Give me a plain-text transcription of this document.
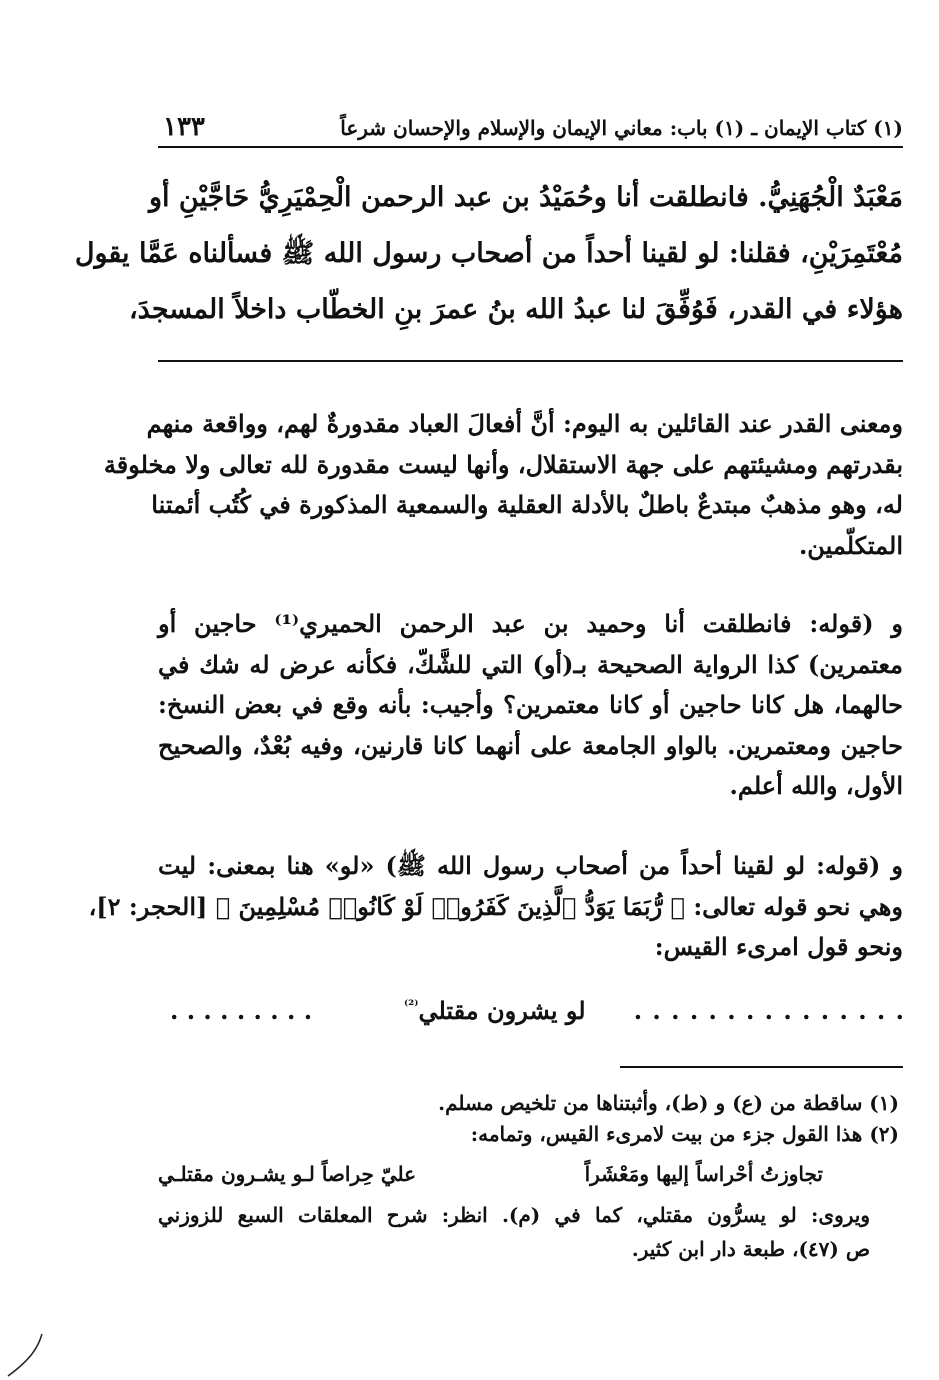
١٣٣	(١) كتاب الإيمان ـ (١) باب: معاني الإيمان والإسلام والإحسان شرعاً
مَعْبَدٌ الْجُهَنِيُّ. فانطلقت أنا وحُمَيْدُ بن عبد الرحمن الْحِمْيَرِيُّ حَاجَّيْنِ أو
مُعْتَمِرَيْنِ، فقلنا: لو لقينا أحداً من أصحاب رسول الله ﷺ فسألناه عَمَّا يقول
هؤلاء في القدر، فَوُفِّقَ لنا عبدُ الله بنُ عمرَ بنِ الخطّاب داخلاً المسجدَ،
ومعنى القدر عند القائلين به اليوم: أنَّ أفعالَ العباد مقدورةٌ لهم، وواقعة منهم
بقدرتهم ومشيئتهم على جهة الاستقلال، وأنها ليست مقدورة لله تعالى ولا مخلوقة
له، وهو مذهبٌ مبتدعٌ باطلٌ بالأدلة العقلية والسمعية المذكورة في كُتُب أئمتنا
المتكلّمين.
و (قوله: فانطلقت أنا وحميد بن عبد الرحمن الحميري⁽¹⁾ حاجين أو
معتمرين) كذا الرواية الصحيحة بـ(أو) التي للشَّكّ، فكأنه عرض له شك في
حالهما، هل كانا حاجين أو كانا معتمرين؟ وأجيب: بأنه وقع في بعض النسخ:
حاجين ومعتمرين. بالواو الجامعة على أنهما كانا قارنين، وفيه بُعْدٌ، والصحيح
الأول، والله أعلم.
و (قوله: لو لقينا أحداً من أصحاب رسول الله ﷺ) «لو» هنا بمعنى: ليت
وهي نحو قوله تعالى: ﴿ رُّبَمَا يَوَدُّ ٱلَّذِينَ كَفَرُوا۟ لَوْ كَانُوا۟ مُسْلِمِينَ ﴾ [الحجر: ٢]،
ونحو قول امرىء القيس:
. . . . . . . . . . . . . . .
لو يشرون مقتلي$^{^{(2)}}$           . . . . . . . . .
(١) ساقطة من (ع) و (ط)، وأثبتناها من تلخيص مسلم.
(٢) هذا القول جزء من بيت لامرىء القيس، وتمامه:
تجاوزتُ أحْراساً إليها ومَعْشَراً
عليّ حِراصاً لـو يشـرون مقتلـي
ويروى: لو يسرُّون مقتلي، كما في (م). انظر: شرح المعلقات السبع للزوزني
ص (٤٧)، طبعة دار ابن كثير.
